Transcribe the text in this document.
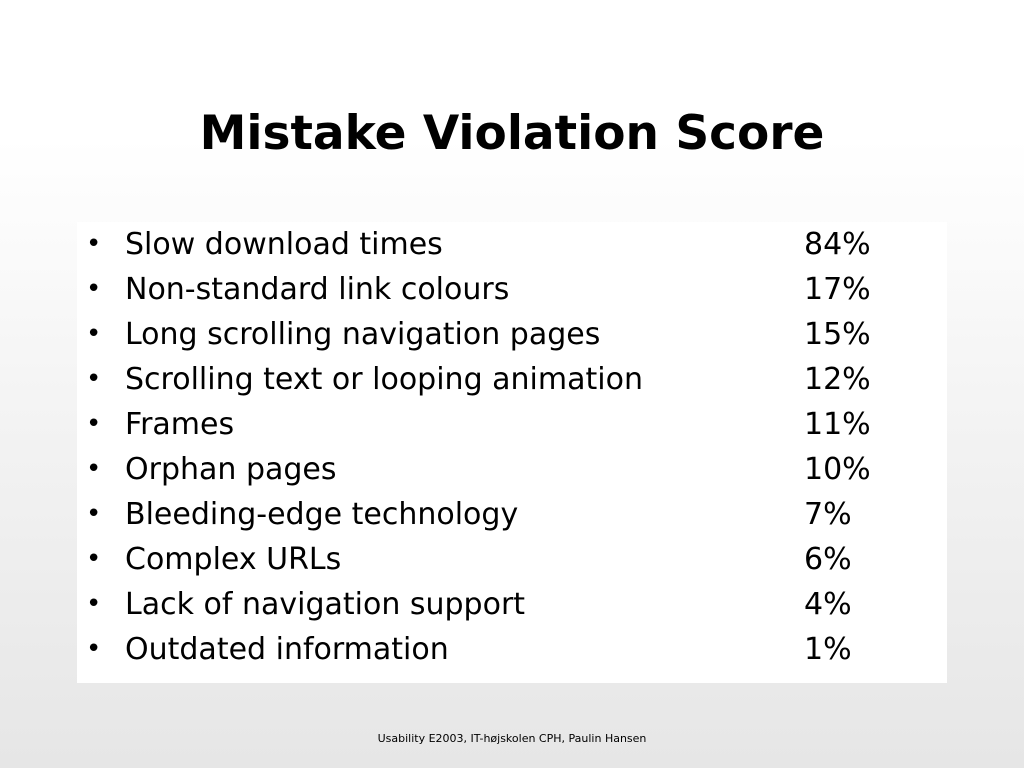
Mistake Violation Score
• Slow download times	84%
• Non-standard link colours	17%
• Long scrolling navigation pages	15%
• Scrolling text or looping animation	12%
• Frames	11%
• Orphan pages	10%
• Bleeding-edge technology	7%
• Complex URLs	6%
• Lack of navigation support	4%
• Outdated information	1%
Usability E2003, IT-højskolen CPH, Paulin Hansen
